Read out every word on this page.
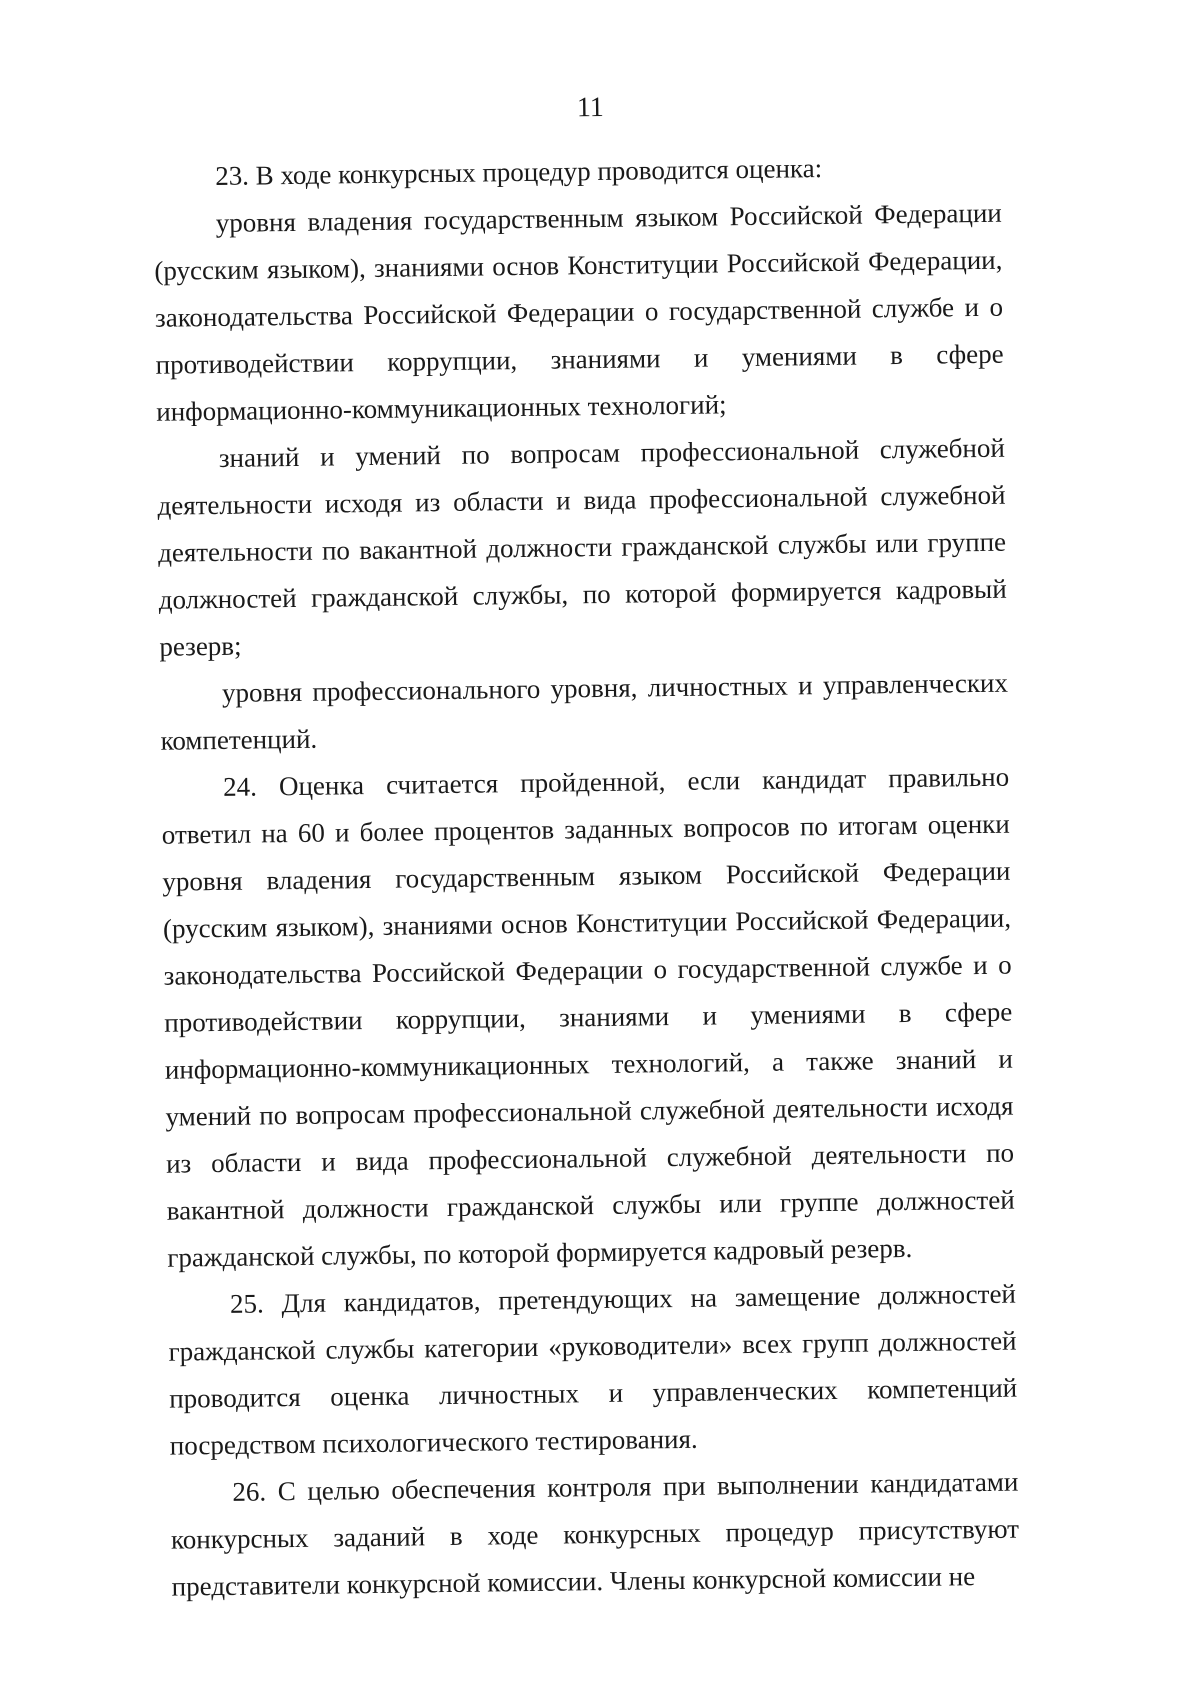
11

23. В ходе конкурсных процедур проводится оценка:

уровня владения государственным языком Российской Федерации (русским языком), знаниями основ Конституции Российской Федерации, законодательства Российской Федерации о государственной службе и о противодействии коррупции, знаниями и умениями в сфере информационно-коммуникационных технологий;

знаний и умений по вопросам профессиональной служебной деятельности исходя из области и вида профессиональной служебной деятельности по вакантной должности гражданской службы или группе должностей гражданской службы, по которой формируется кадровый резерв;

уровня профессионального уровня, личностных и управленческих компетенций.

24. Оценка считается пройденной, если кандидат правильно ответил на 60 и более процентов заданных вопросов по итогам оценки уровня владения государственным языком Российской Федерации (русским языком), знаниями основ Конституции Российской Федерации, законодательства Российской Федерации о государственной службе и о противодействии коррупции, знаниями и умениями в сфере информационно-коммуникационных технологий, а также знаний и умений по вопросам профессиональной служебной деятельности исходя из области и вида профессиональной служебной деятельности по вакантной должности гражданской службы или группе должностей гражданской службы, по которой формируется кадровый резерв.

25. Для кандидатов, претендующих на замещение должностей гражданской службы категории «руководители» всех групп должностей проводится оценка личностных и управленческих компетенций посредством психологического тестирования.

26. С целью обеспечения контроля при выполнении кандидатами конкурсных заданий в ходе конкурсных процедур присутствуют представители конкурсной комиссии. Члены конкурсной комиссии не
